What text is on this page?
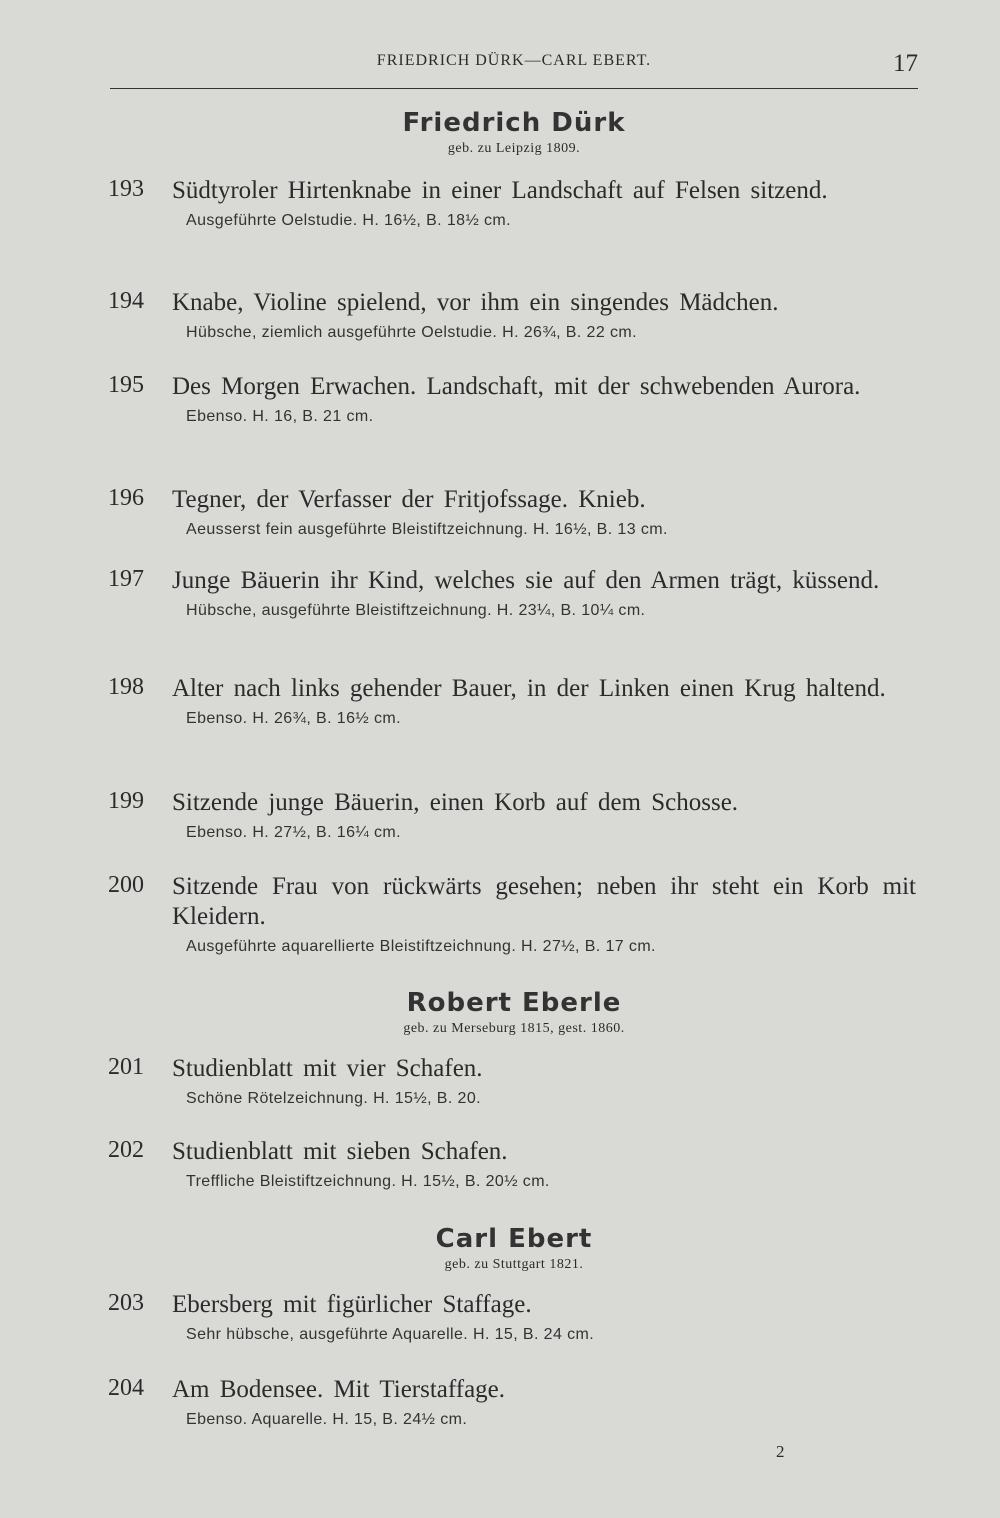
FRIEDRICH DÜRK—CARL EBERT.	17
Friedrich Dürk
geb. zu Leipzig 1809.
193	Südtyroler Hirtenknabe in einer Landschaft auf Felsen sitzend.
Ausgeführte Oelstudie. H. 16½, B. 18½ cm.
194	Knabe, Violine spielend, vor ihm ein singendes Mädchen.
Hübsche, ziemlich ausgeführte Oelstudie. H. 26¾, B. 22 cm.
195	Des Morgen Erwachen. Landschaft, mit der schwebenden Aurora.
Ebenso. H. 16, B. 21 cm.
196	Tegner, der Verfasser der Fritjofssage. Knieb.
Aeusserst fein ausgeführte Bleistiftzeichnung. H. 16½, B. 13 cm.
197	Junge Bäuerin ihr Kind, welches sie auf den Armen trägt, küssend.
Hübsche, ausgeführte Bleistiftzeichnung. H. 23¼, B. 10¼ cm.
198	Alter nach links gehender Bauer, in der Linken einen Krug haltend.
Ebenso. H. 26¾, B. 16½ cm.
199	Sitzende junge Bäuerin, einen Korb auf dem Schosse.
Ebenso. H. 27½, B. 16¼ cm.
200	Sitzende Frau von rückwärts gesehen; neben ihr steht ein Korb mit Kleidern.
Ausgeführte aquarellierte Bleistiftzeichnung. H. 27½, B. 17 cm.
Robert Eberle
geb. zu Merseburg 1815, gest. 1860.
201	Studienblatt mit vier Schafen.
Schöne Rötelzeichnung. H. 15½, B. 20.
202	Studienblatt mit sieben Schafen.
Treffliche Bleistiftzeichnung. H. 15½, B. 20½ cm.
Carl Ebert
geb. zu Stuttgart 1821.
203	Ebersberg mit figürlicher Staffage.
Sehr hübsche, ausgeführte Aquarelle. H. 15, B. 24 cm.
204	Am Bodensee. Mit Tierstaffage.
Ebenso. Aquarelle. H. 15, B. 24½ cm.
2
